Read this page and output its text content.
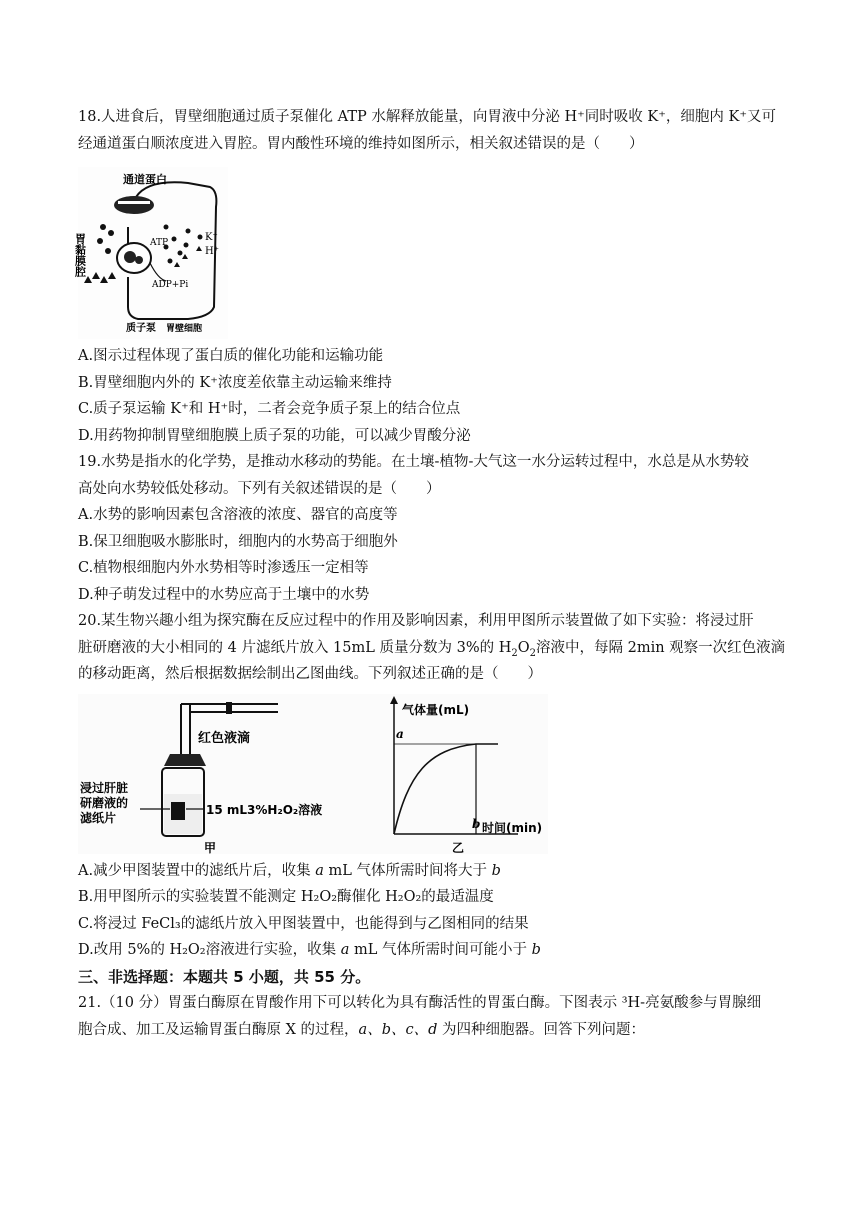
18.人进食后，胃壁细胞通过质子泵催化 ATP 水解释放能量，向胃液中分泌 H⁺同时吸收 K⁺，细胞内 K⁺又可

经通道蛋白顺浓度进入胃腔。胃内酸性环境的维持如图所示，相关叙述错误的是（　　）

通道蛋白
胃黏膜腔	K⁺
H⁺
ATP
ADP+Pi
质子泵 胃壁细胞

A.图示过程体现了蛋白质的催化功能和运输功能

B.胃壁细胞内外的 K⁺浓度差依靠主动运输来维持

C.质子泵运输 K⁺和 H⁺时，二者会竞争质子泵上的结合位点

D.用药物抑制胃壁细胞膜上质子泵的功能，可以减少胃酸分泌

19.水势是指水的化学势，是推动水移动的势能。在土壤-植物-大气这一水分运转过程中，水总是从水势较

高处向水势较低处移动。下列有关叙述错误的是（　　）

A.水势的影响因素包含溶液的浓度、器官的高度等

B.保卫细胞吸水膨胀时，细胞内的水势高于细胞外

C.植物根细胞内外水势相等时渗透压一定相等

D.种子萌发过程中的水势应高于土壤中的水势

20.某生物兴趣小组为探究酶在反应过程中的作用及影响因素，利用甲图所示装置做了如下实验：将浸过肝

脏研磨液的大小相同的 4 片滤纸片放入 15mL 质量分数为 3%的 $H_2O_2$溶液中，每隔 2min 观察一次红色液滴

的移动距离，然后根据数据绘制出乙图曲线。下列叙述正确的是（　　）

红色液滴
浸过肝脏
研磨液的
滤纸片
15 mL3%H₂O₂溶液
甲
气体量(mL)
a
b 时间(min)
乙

A.减少甲图装置中的滤纸片后，收集 a mL 气体所需时间将大于 b

B.用甲图所示的实验装置不能测定 H₂O₂酶催化 H₂O₂的最适温度

C.将浸过 FeCl₃的滤纸片放入甲图装置中，也能得到与乙图相同的结果

D.改用 5%的 H₂O₂溶液进行实验，收集 a mL 气体所需时间可能小于 b

三、非选择题：本题共 5 小题，共 55 分。

21.（10 分）胃蛋白酶原在胃酸作用下可以转化为具有酶活性的胃蛋白酶。下图表示 ³H-亮氨酸参与胃腺细

胞合成、加工及运输胃蛋白酶原 X 的过程，a、b、c、d 为四种细胞器。回答下列问题：
